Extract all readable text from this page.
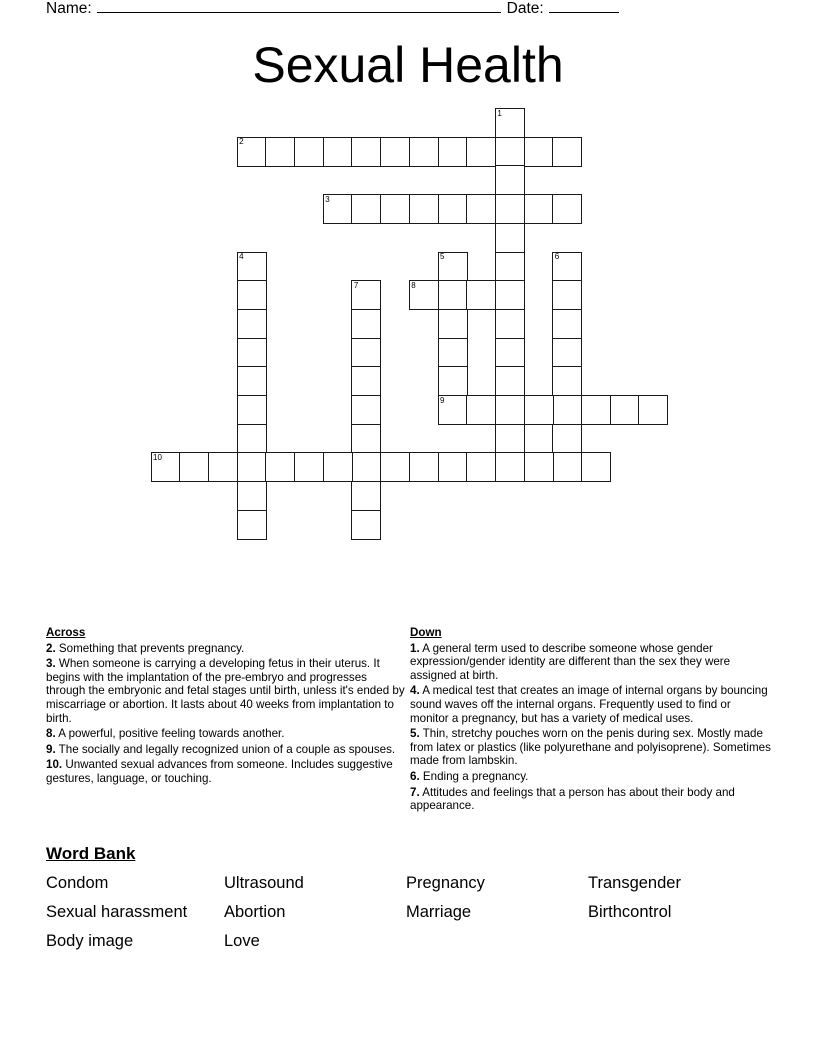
Name:	Date:
Sexual Health
1
2
3
4	5
9
6
7	8
10
Across
2. Something that prevents pregnancy.
3. When someone is carrying a developing fetus in their uterus. It begins with the implantation of the pre-embryo and progresses through the embryonic and fetal stages until birth, unless it's ended by miscarriage or abortion. It lasts about 40 weeks from implantation to birth.
8. A powerful, positive feeling towards another.
9. The socially and legally recognized union of a couple as spouses.
10. Unwanted sexual advances from someone. Includes suggestive gestures, language, or touching.
Down
1. A general term used to describe someone whose gender expression/gender identity are different than the sex they were assigned at birth.
4. A medical test that creates an image of internal organs by bouncing sound waves off the internal organs. Frequently used to find or monitor a pregnancy, but has a variety of medical uses.
5. Thin, stretchy pouches worn on the penis during sex. Mostly made from latex or plastics (like polyurethane and polyisoprene). Sometimes made from lambskin.
6. Ending a pregnancy.
7. Attitudes and feelings that a person has about their body and appearance.
Word Bank
Condom	Ultrasound	Pregnancy	Transgender
Sexual harassment	Abortion	Marriage	Birthcontrol
Body image	Love
